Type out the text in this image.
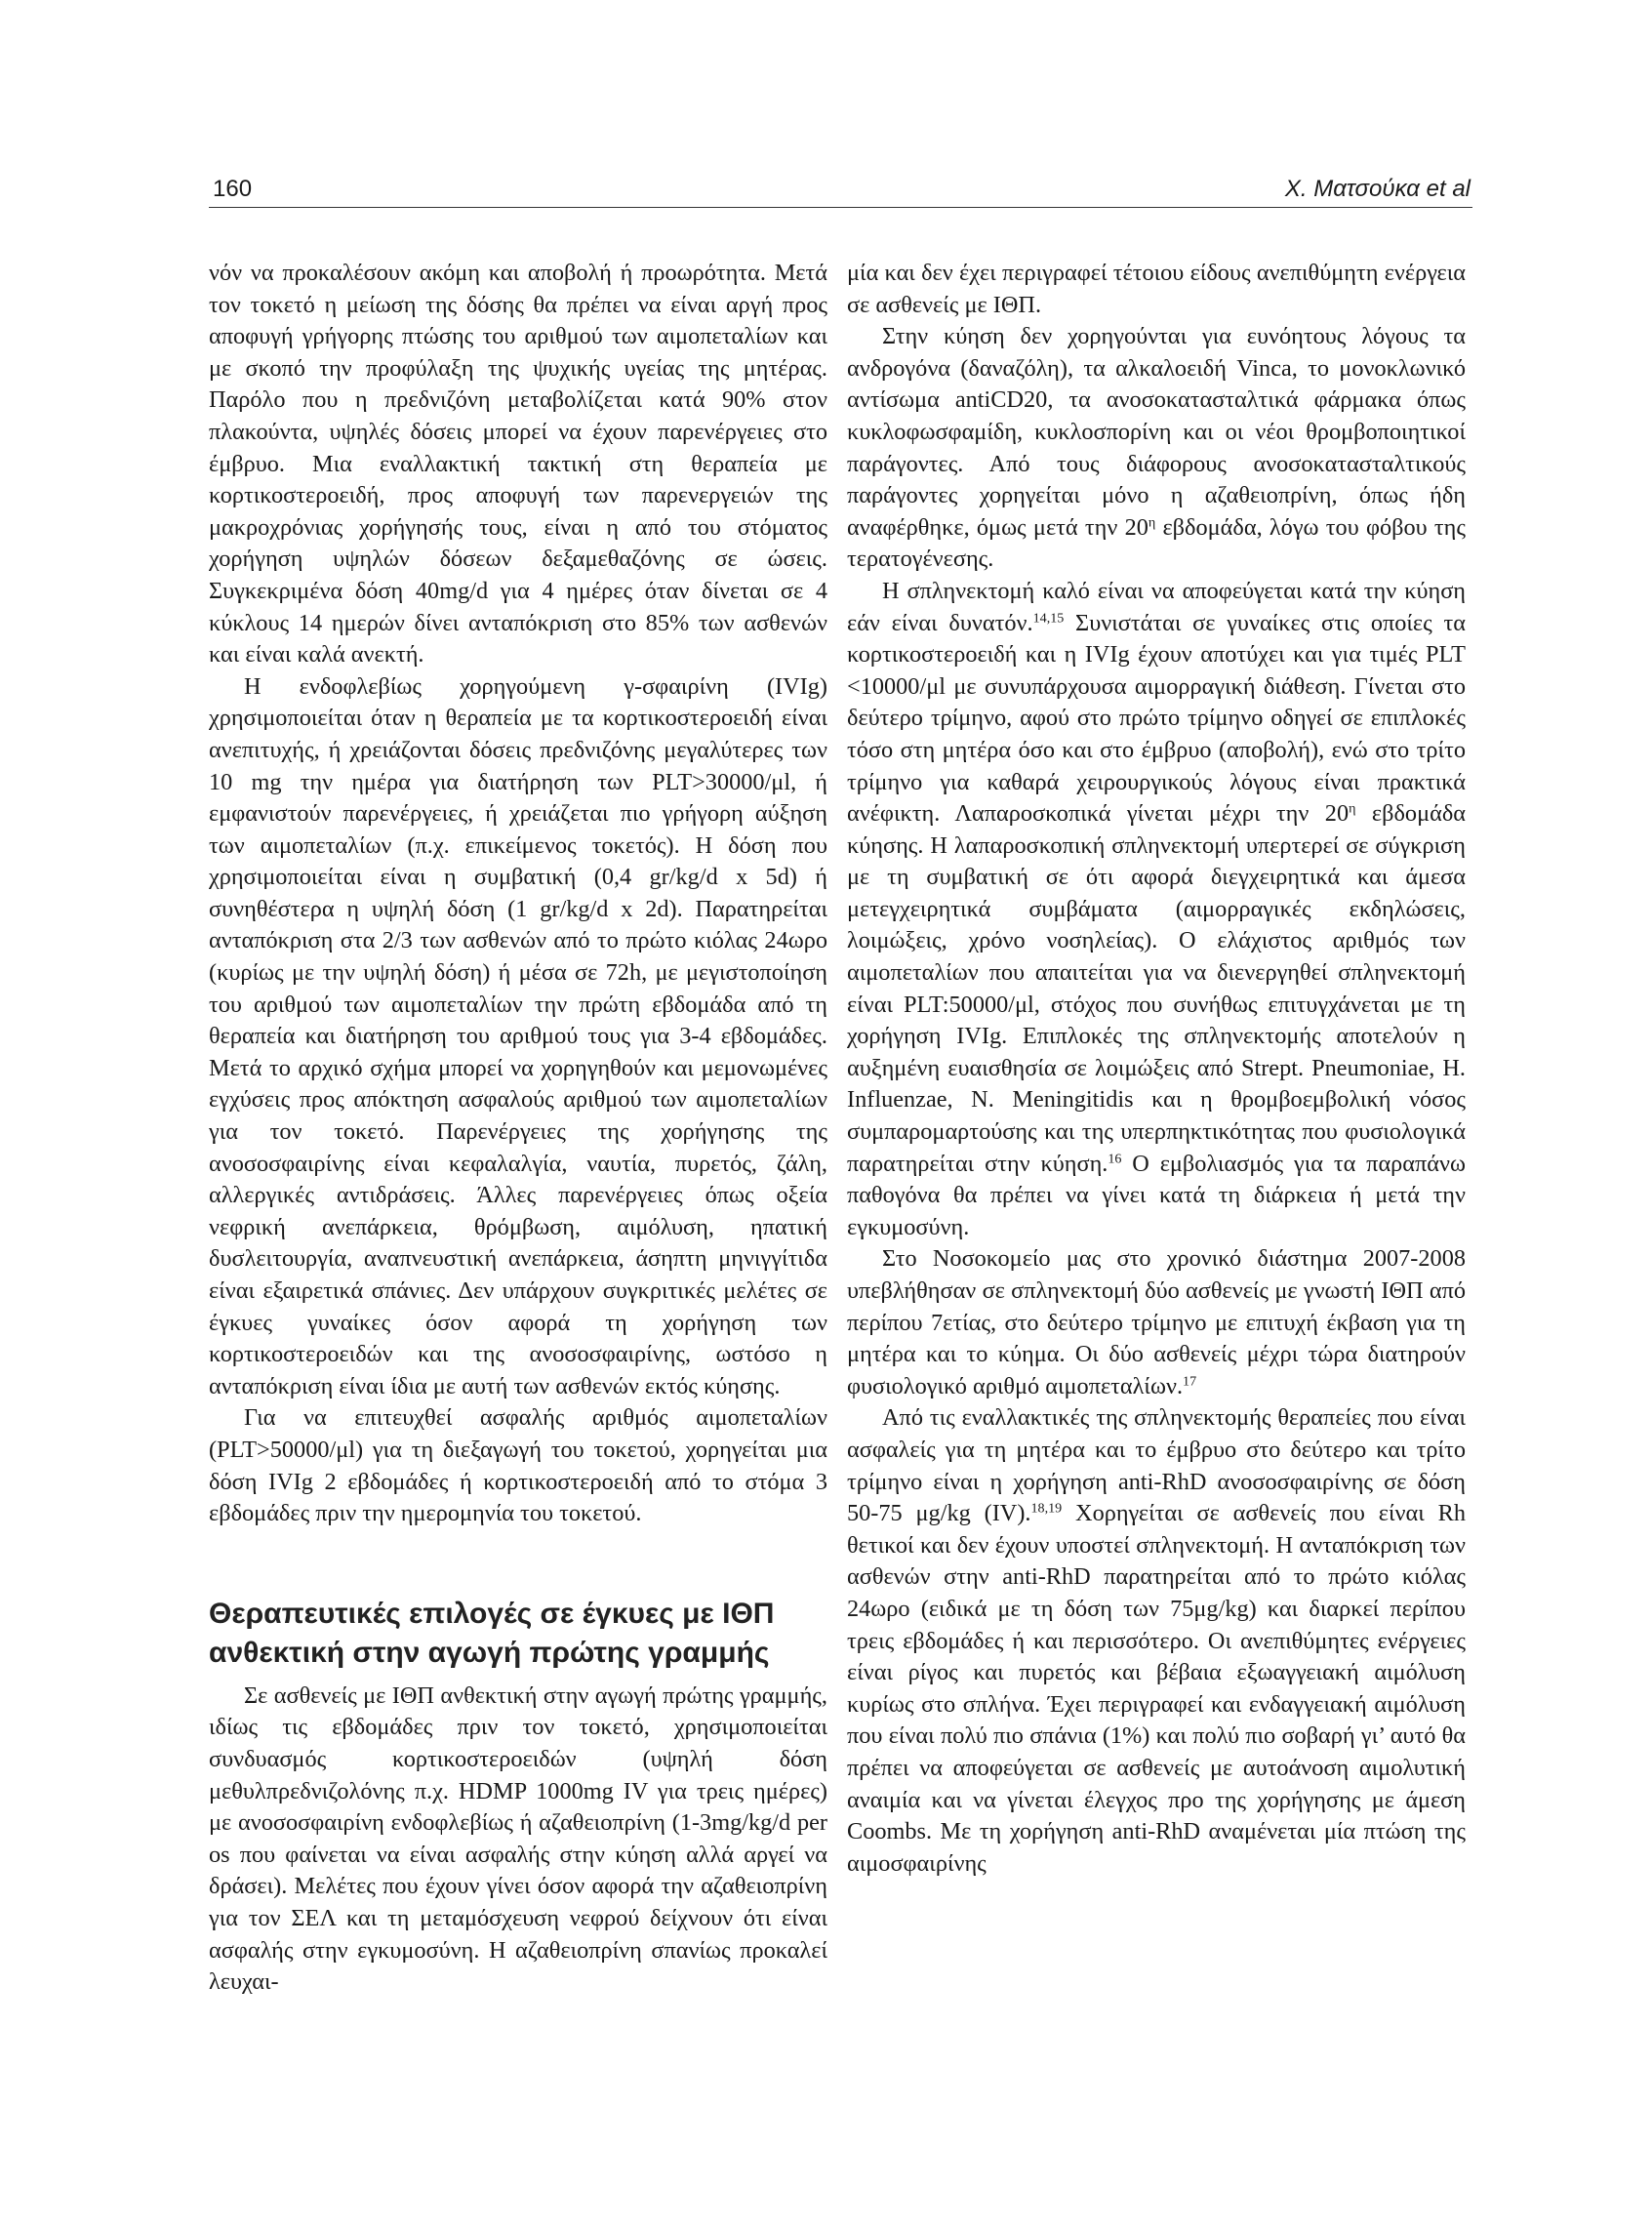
160	Χ. Ματσούκα et al

νόν να προκαλέσουν ακόμη και αποβολή ή προωρότητα. Μετά τον τοκετό η μείωση της δόσης θα πρέπει να είναι αργή προς αποφυγή γρήγορης πτώσης του αριθμού των αιμοπεταλίων και με σκοπό την προφύλαξη της ψυχικής υγείας της μητέρας. Παρόλο που η πρεδνιζόνη μεταβολίζεται κατά 90% στον πλακούντα, υψηλές δόσεις μπορεί να έχουν παρενέργειες στο έμβρυο. Μια εναλλακτική τακτική στη θεραπεία με κορτικοστεροειδή, προς αποφυγή των παρενεργειών της μακροχρόνιας χορήγησής τους, είναι η από του στόματος χορήγηση υψηλών δόσεων δεξαμεθαζόνης σε ώσεις. Συγκεκριμένα δόση 40mg/d για 4 ημέρες όταν δίνεται σε 4 κύκλους 14 ημερών δίνει ανταπόκριση στο 85% των ασθενών και είναι καλά ανεκτή.

Η ενδοφλεβίως χορηγούμενη γ-σφαιρίνη (IVIg) χρησιμοποιείται όταν η θεραπεία με τα κορτικοστεροειδή είναι ανεπιτυχής, ή χρειάζονται δόσεις πρεδνιζόνης μεγαλύτερες των 10 mg την ημέρα για διατήρηση των PLT>30000/μl, ή εμφανιστούν παρενέργειες, ή χρειάζεται πιο γρήγορη αύξηση των αιμοπεταλίων (π.χ. επικείμενος τοκετός). Η δόση που χρησιμοποιείται είναι η συμβατική (0,4 gr/kg/d x 5d) ή συνηθέστερα η υψηλή δόση (1 gr/kg/d x 2d). Παρατηρείται ανταπόκριση στα 2/3 των ασθενών από το πρώτο κιόλας 24ωρο (κυρίως με την υψηλή δόση) ή μέσα σε 72h, με μεγιστοποίηση του αριθμού των αιμοπεταλίων την πρώτη εβδομάδα από τη θεραπεία και διατήρηση του αριθμού τους για 3-4 εβδομάδες. Μετά το αρχικό σχήμα μπορεί να χορηγηθούν και μεμονωμένες εγχύσεις προς απόκτηση ασφαλούς αριθμού των αιμοπεταλίων για τον τοκετό. Παρενέργειες της χορήγησης της ανοσοσφαιρίνης είναι κεφαλαλγία, ναυτία, πυρετός, ζάλη, αλλεργικές αντιδράσεις. Άλλες παρενέργειες όπως οξεία νεφρική ανεπάρκεια, θρόμβωση, αιμόλυση, ηπατική δυσλειτουργία, αναπνευστική ανεπάρκεια, άσηπτη μηνιγγίτιδα είναι εξαιρετικά σπάνιες. Δεν υπάρχουν συγκριτικές μελέτες σε έγκυες γυναίκες όσον αφορά τη χορήγηση των κορτικοστεροειδών και της ανοσοσφαιρίνης, ωστόσο η ανταπόκριση είναι ίδια με αυτή των ασθενών εκτός κύησης.

Για να επιτευχθεί ασφαλής αριθμός αιμοπεταλίων (PLT>50000/μl) για τη διεξαγωγή του τοκετού, χορηγείται μια δόση IVIg 2 εβδομάδες ή κορτικοστεροειδή από το στόμα 3 εβδομάδες πριν την ημερομηνία του τοκετού.

Θεραπευτικές επιλογές σε έγκυες με ΙΘΠ ανθεκτική στην αγωγή πρώτης γραμμής

Σε ασθενείς με ΙΘΠ ανθεκτική στην αγωγή πρώτης γραμμής, ιδίως τις εβδομάδες πριν τον τοκετό, χρησιμοποιείται συνδυασμός κορτικοστεροειδών (υψηλή δόση μεθυλπρεδνιζολόνης π.χ. HDMP 1000mg IV για τρεις ημέρες) με ανοσοσφαιρίνη ενδοφλεβίως ή αζαθειοπρίνη (1-3mg/kg/d per os που φαίνεται να είναι ασφαλής στην κύηση αλλά αργεί να δράσει). Μελέτες που έχουν γίνει όσον αφορά την αζαθειοπρίνη για τον ΣΕΛ και τη μεταμόσχευση νεφρού δείχνουν ότι είναι ασφαλής στην εγκυμοσύνη. Η αζαθειοπρίνη σπανίως προκαλεί λευχαι-

μία και δεν έχει περιγραφεί τέτοιου είδους ανεπιθύμητη ενέργεια σε ασθενείς με ΙΘΠ.

Στην κύηση δεν χορηγούνται για ευνόητους λόγους τα ανδρογόνα (δαναζόλη), τα αλκαλοειδή Vinca, το μονοκλωνικό αντίσωμα antiCD20, τα ανοσοκατασταλτικά φάρμακα όπως κυκλοφωσφαμίδη, κυκλοσπορίνη και οι νέοι θρομβοποιητικοί παράγοντες. Από τους διάφορους ανοσοκατασταλτικούς παράγοντες χορηγείται μόνο η αζαθειοπρίνη, όπως ήδη αναφέρθηκε, όμως μετά την $20^\eta$ εβδομάδα, λόγω του φόβου της τερατογένεσης.

Η σπληνεκτομή καλό είναι να αποφεύγεται κατά την κύηση εάν είναι δυνατόν.$^{14,15}$ Συνιστάται σε γυναίκες στις οποίες τα κορτικοστεροειδή και η IVIg έχουν αποτύχει και για τιμές PLT <10000/μl με συνυπάρχουσα αιμορραγική διάθεση. Γίνεται στο δεύτερο τρίμηνο, αφού στο πρώτο τρίμηνο οδηγεί σε επιπλοκές τόσο στη μητέρα όσο και στο έμβρυο (αποβολή), ενώ στο τρίτο τρίμηνο για καθαρά χειρουργικούς λόγους είναι πρακτικά ανέφικτη. Λαπαροσκοπικά γίνεται μέχρι την $20^\eta$ εβδομάδα κύησης. Η λαπαροσκοπική σπληνεκτομή υπερτερεί σε σύγκριση με τη συμβατική σε ότι αφορά διεγχειρητικά και άμεσα μετεγχειρητικά συμβάματα (αιμορραγικές εκδηλώσεις, λοιμώξεις, χρόνο νοσηλείας). Ο ελάχιστος αριθμός των αιμοπεταλίων που απαιτείται για να διενεργηθεί σπληνεκτομή είναι PLT:50000/μl, στόχος που συνήθως επιτυγχάνεται με τη χορήγηση IVIg. Επιπλοκές της σπληνεκτομής αποτελούν η αυξημένη ευαισθησία σε λοιμώξεις από Strept. Pneumoniae, H. Influenzae, N. Meningitidis και η θρομβοεμβολική νόσος συμπαρομαρτούσης και της υπερπηκτικότητας που φυσιολογικά παρατηρείται στην κύηση.$^{16}$ Ο εμβολιασμός για τα παραπάνω παθογόνα θα πρέπει να γίνει κατά τη διάρκεια ή μετά την εγκυμοσύνη.

Στο Νοσοκομείο μας στο χρονικό διάστημα 2007-2008 υπεβλήθησαν σε σπληνεκτομή δύο ασθενείς με γνωστή ΙΘΠ από περίπου 7ετίας, στο δεύτερο τρίμηνο με επιτυχή έκβαση για τη μητέρα και το κύημα. Οι δύο ασθενείς μέχρι τώρα διατηρούν φυσιολογικό αριθμό αιμοπεταλίων.$^{17}$

Από τις εναλλακτικές της σπληνεκτομής θεραπείες που είναι ασφαλείς για τη μητέρα και το έμβρυο στο δεύτερο και τρίτο τρίμηνο είναι η χορήγηση anti-RhD ανοσοσφαιρίνης σε δόση 50-75 μg/kg (IV).$^{18,19}$ Χορηγείται σε ασθενείς που είναι Rh θετικοί και δεν έχουν υποστεί σπληνεκτομή. Η ανταπόκριση των ασθενών στην anti-RhD παρατηρείται από το πρώτο κιόλας 24ωρο (ειδικά με τη δόση των 75μg/kg) και διαρκεί περίπου τρεις εβδομάδες ή και περισσότερο. Οι ανεπιθύμητες ενέργειες είναι ρίγος και πυρετός και βέβαια εξωαγγειακή αιμόλυση κυρίως στο σπλήνα. Έχει περιγραφεί και ενδαγγειακή αιμόλυση που είναι πολύ πιο σπάνια (1%) και πολύ πιο σοβαρή γι’ αυτό θα πρέπει να αποφεύγεται σε ασθενείς με αυτοάνοση αιμολυτική αναιμία και να γίνεται έλεγχος προ της χορήγησης με άμεση Coombs. Με τη χορήγηση anti-RhD αναμένεται μία πτώση της αιμοσφαιρίνης
